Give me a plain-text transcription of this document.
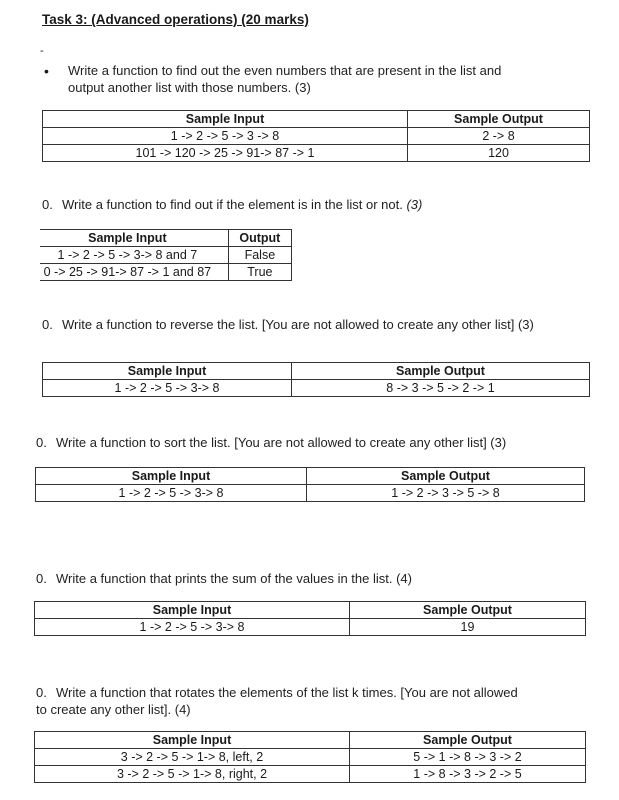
Task 3: (Advanced operations) (20 marks)
-
• Write a function to find out the even numbers that are present in the list and output another list with those numbers. (3)
Sample Input	Sample Output
1 -> 2 -> 5 -> 3 -> 8	2 -> 8
101 -> 120 -> 25 -> 91-> 87 -> 1	120
0. Write a function to find out if the element is in the list or not. (3)
Sample Input	Output
1 -> 2 -> 5 -> 3-> 8 and 7	False
0 -> 25 -> 91-> 87 -> 1 and 87	True
0. Write a function to reverse the list. [You are not allowed to create any other list] (3)
Sample Input	Sample Output
1 -> 2 -> 5 -> 3-> 8	8 -> 3 -> 5 -> 2 -> 1
0. Write a function to sort the list. [You are not allowed to create any other list] (3)
Sample Input	Sample Output
1 -> 2 -> 5 -> 3-> 8	1 -> 2 -> 3 -> 5 -> 8
0. Write a function that prints the sum of the values in the list. (4)
Sample Input	Sample Output
1 -> 2 -> 5 -> 3-> 8	19
0. Write a function that rotates the elements of the list k times. [You are not allowed
to create any other list]. (4)
Sample Input	Sample Output
3 -> 2 -> 5 -> 1-> 8, left, 2	5 -> 1 -> 8 -> 3 -> 2
3 -> 2 -> 5 -> 1-> 8, right, 2	1 -> 8 -> 3 -> 2 -> 5
